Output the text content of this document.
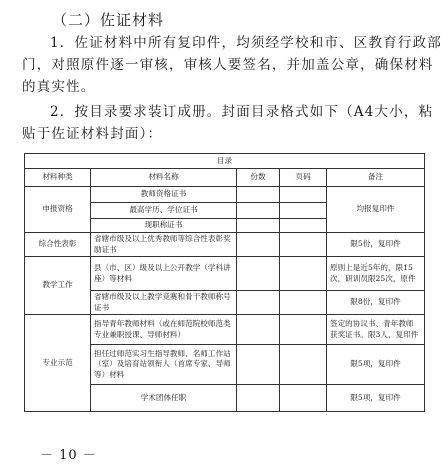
（二）佐证材料

1．佐证材料中所有复印件，均须经学校和市、区教育行政部门，对照原件逐一审核，审核人要签名，并加盖公章，确保材料的真实性。

2．按目录要求装订成册。封面目录格式如下（A4大小，粘贴于佐证材料封面）：

目录				
材料种类	材料名称	份数	页码	备注
申报资格	教师资格证书			均报复印件
	最高学历、学位证书			
	现职称证书			
综合性表彰	省辖市级及以上优秀教师等综合性表彰奖励证书			限5份，复印件
教学工作	县（市、区）级及以上公开教学（学科讲座）等材料			原则上是近5年的，限15次，研训员限25次，原件
	省辖市级及以上教学竞赛和骨干教师称号证书			限8份，复印件
专业示范	指导青年教师材料（或在师范院校师范类专业兼职授课、导师材料）			签定的协议书、青年教师获奖证书。限3人，复印件
	担任过师范实习生指导教师、名师工作站（室）及培育站领衔人（首席专家、导师等）材料			限5项，复印件
	学术团体任职			限5项，复印件
－ 10 －
